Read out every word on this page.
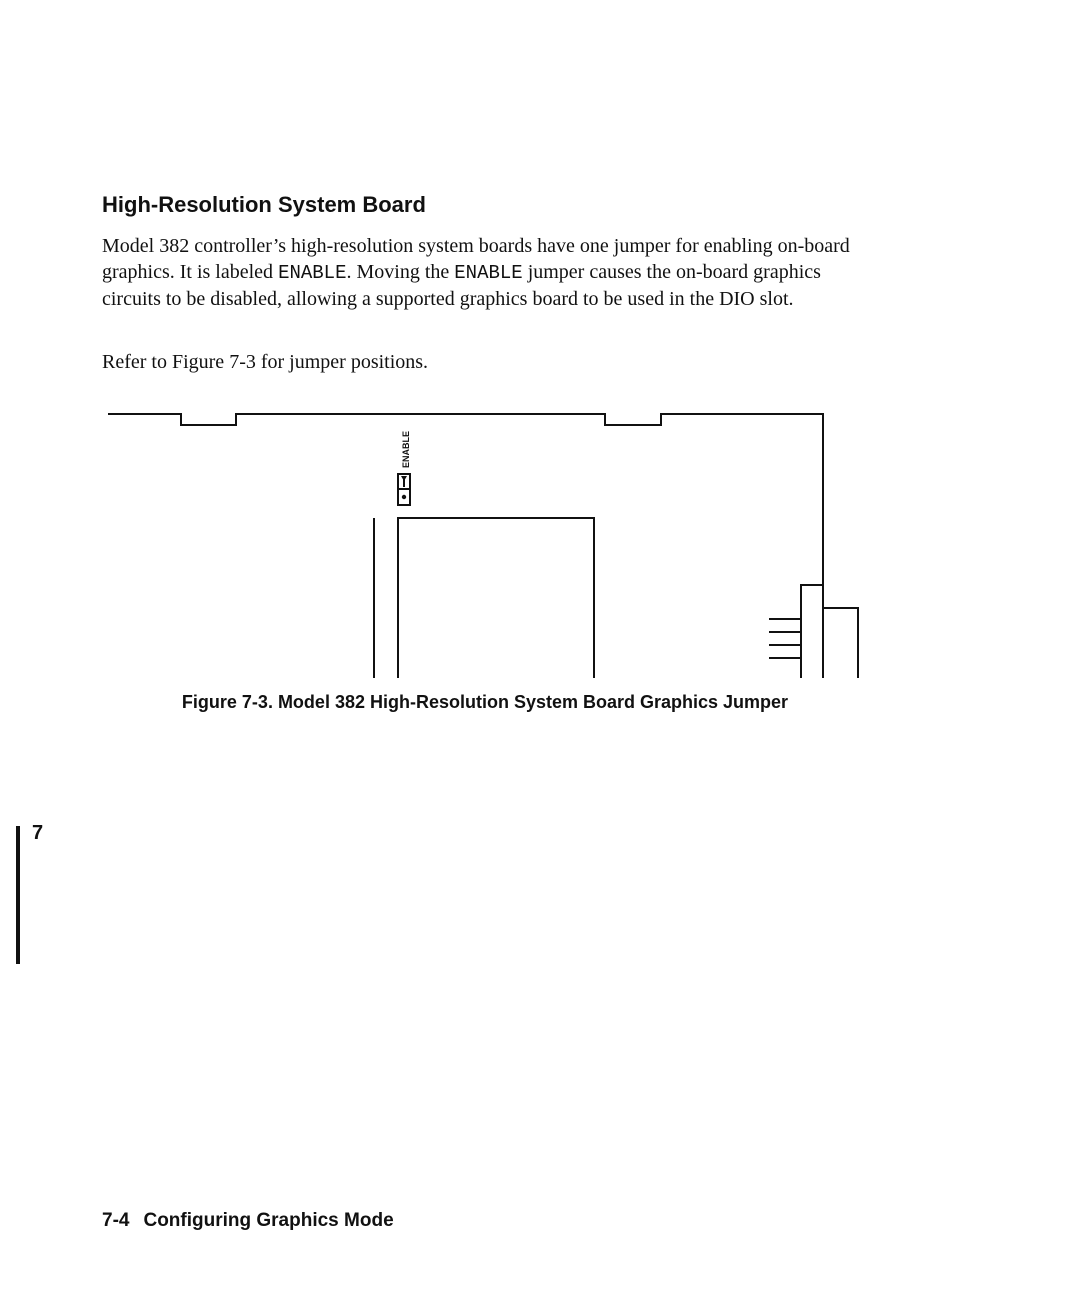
High-Resolution System Board

Model 382 controller’s high-resolution system boards have one jumper for enabling on-board graphics. It is labeled ENABLE. Moving the ENABLE jumper causes the on-board graphics circuits to be disabled, allowing a supported graphics board to be used in the DIO slot.

Refer to Figure 7-3 for jumper positions.

ENABLE

Figure 7-3. Model 382 High-Resolution System Board Graphics Jumper

7
7-4 Configuring Graphics Mode
